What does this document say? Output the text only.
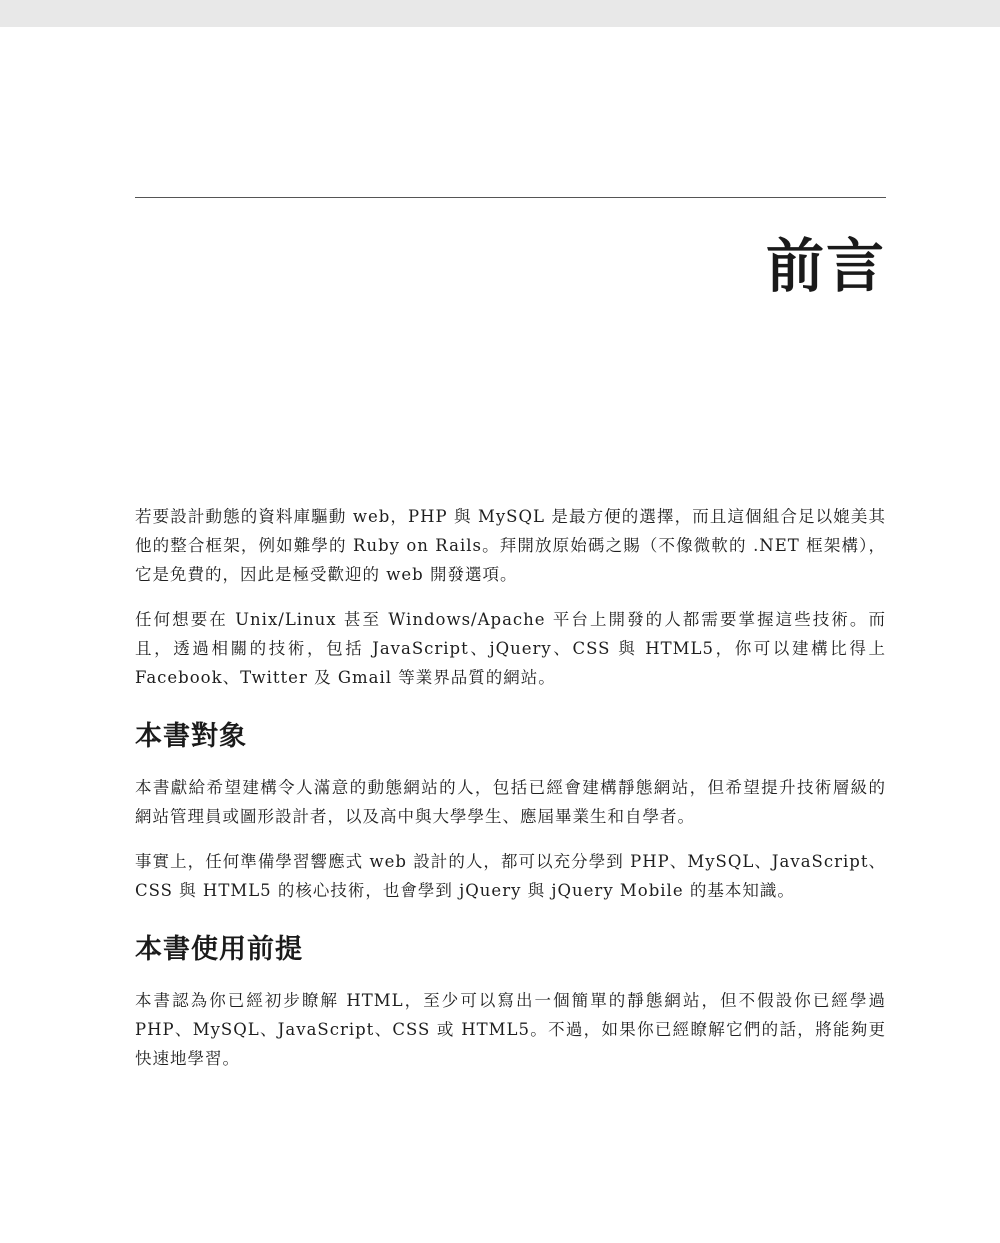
前言

若要設計動態的資料庫驅動 web，PHP 與 MySQL 是最方便的選擇，而且這個組合足以媲美其他的整合框架，例如難學的 Ruby on Rails。拜開放原始碼之賜（不像微軟的 .NET 框架構），它是免費的，因此是極受歡迎的 web 開發選項。

任何想要在 Unix/Linux 甚至 Windows/Apache 平台上開發的人都需要掌握這些技術。而且，透過相關的技術，包括 JavaScript、jQuery、CSS 與 HTML5，你可以建構比得上 Facebook、Twitter 及 Gmail 等業界品質的網站。

本書對象

本書獻給希望建構令人滿意的動態網站的人，包括已經會建構靜態網站，但希望提升技術層級的網站管理員或圖形設計者，以及高中與大學學生、應屆畢業生和自學者。

事實上，任何準備學習響應式 web 設計的人，都可以充分學到 PHP、MySQL、JavaScript、CSS 與 HTML5 的核心技術，也會學到 jQuery 與 jQuery Mobile 的基本知識。

本書使用前提

本書認為你已經初步瞭解 HTML，至少可以寫出一個簡單的靜態網站，但不假設你已經學過 PHP、MySQL、JavaScript、CSS 或 HTML5。不過，如果你已經瞭解它們的話，將能夠更快速地學習。
